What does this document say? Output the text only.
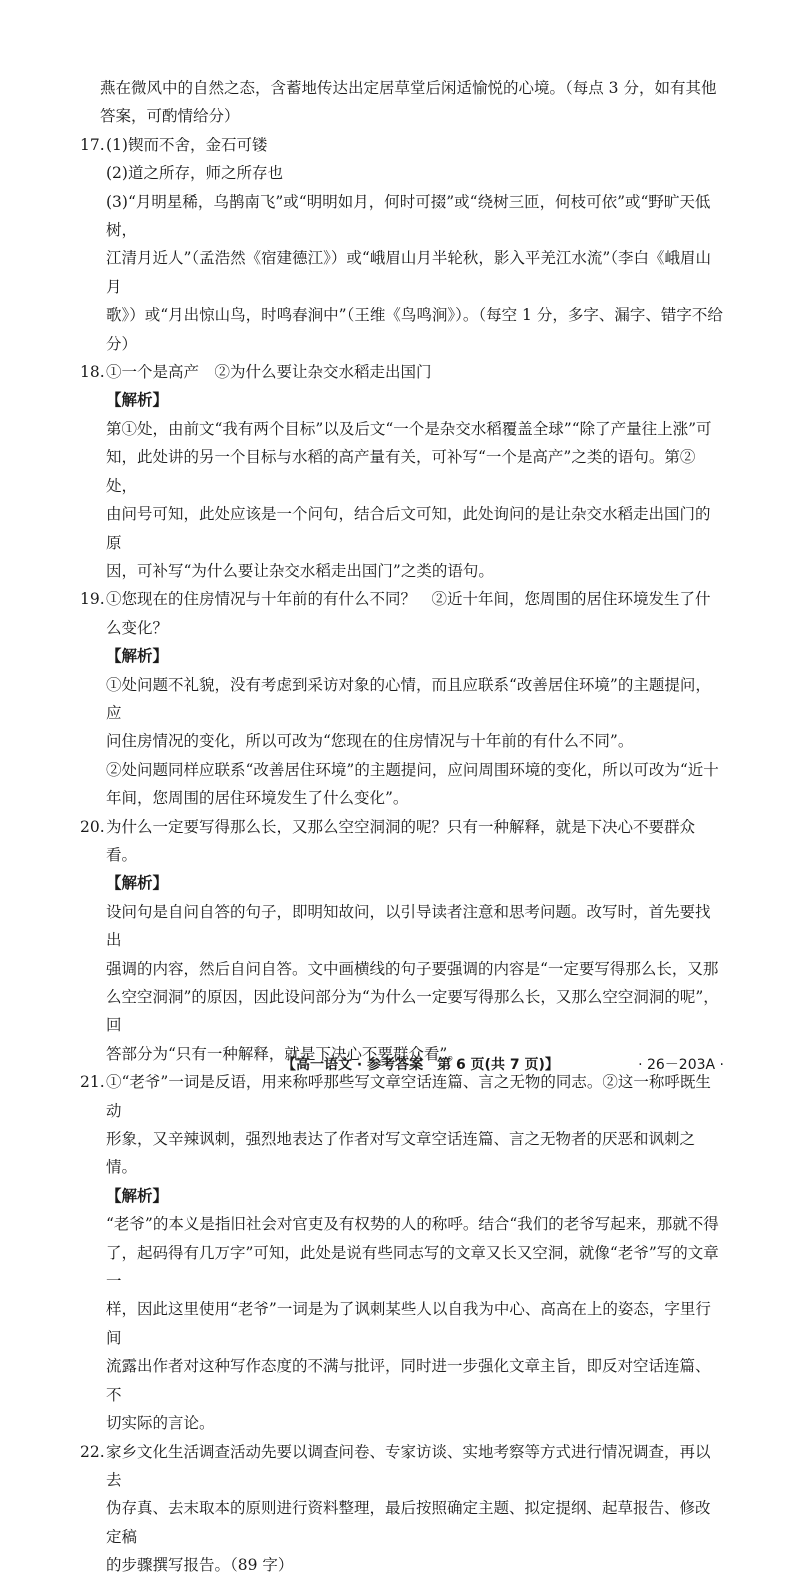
燕在微风中的自然之态，含蓄地传达出定居草堂后闲适愉悦的心境。（每点 3 分，如有其他

答案，可酌情给分）

17. (1)锲而不舍，金石可镂

(2)道之所存，师之所存也

(3)“月明星稀，乌鹊南飞”或“明明如月，何时可掇”或“绕树三匝，何枝可依”或“野旷天低树，

江清月近人”（孟浩然《宿建德江》）或“峨眉山月半轮秋，影入平羌江水流”（李白《峨眉山月

歌》）或“月出惊山鸟，时鸣春涧中”（王维《鸟鸣涧》）。（每空 1 分，多字、漏字、错字不给分）

18. ①一个是高产　②为什么要让杂交水稻走出国门

【解析】

第①处，由前文“我有两个目标”以及后文“一个是杂交水稻覆盖全球”“除了产量往上涨”可

知，此处讲的另一个目标与水稻的高产量有关，可补写“一个是高产”之类的语句。第②处，

由问号可知，此处应该是一个问句，结合后文可知，此处询问的是让杂交水稻走出国门的原

因，可补写“为什么要让杂交水稻走出国门”之类的语句。

19. ①您现在的住房情况与十年前的有什么不同？　②近十年间，您周围的居住环境发生了什

么变化？

【解析】

①处问题不礼貌，没有考虑到采访对象的心情，而且应联系“改善居住环境”的主题提问，应

问住房情况的变化，所以可改为“您现在的住房情况与十年前的有什么不同”。

②处问题同样应联系“改善居住环境”的主题提问，应问周围环境的变化，所以可改为“近十

年间，您周围的居住环境发生了什么变化”。

20. 为什么一定要写得那么长，又那么空空洞洞的呢？只有一种解释，就是下决心不要群众看。

【解析】

设问句是自问自答的句子，即明知故问，以引导读者注意和思考问题。改写时，首先要找出

强调的内容，然后自问自答。文中画横线的句子要强调的内容是“一定要写得那么长，又那

么空空洞洞”的原因，因此设问部分为“为什么一定要写得那么长，又那么空空洞洞的呢”，回

答部分为“只有一种解释，就是下决心不要群众看”。

21. ①“老爷”一词是反语，用来称呼那些写文章空话连篇、言之无物的同志。②这一称呼既生动

形象，又辛辣讽刺，强烈地表达了作者对写文章空话连篇、言之无物者的厌恶和讽刺之情。

【解析】

“老爷”的本义是指旧社会对官吏及有权势的人的称呼。结合“我们的老爷写起来，那就不得

了，起码得有几万字”可知，此处是说有些同志写的文章又长又空洞，就像“老爷”写的文章一

样，因此这里使用“老爷”一词是为了讽刺某些人以自我为中心、高高在上的姿态，字里行间

流露出作者对这种写作态度的不满与批评，同时进一步强化文章主旨，即反对空话连篇、不

切实际的言论。

22. 家乡文化生活调查活动先要以调查问卷、专家访谈、实地考察等方式进行情况调查，再以去

伪存真、去末取本的原则进行资料整理，最后按照确定主题、拟定提纲、起草报告、修改定稿

的步骤撰写报告。（89 字）

【高一语文 · 参考答案　第 6 页(共 7 页)】	· 26－203A ·
